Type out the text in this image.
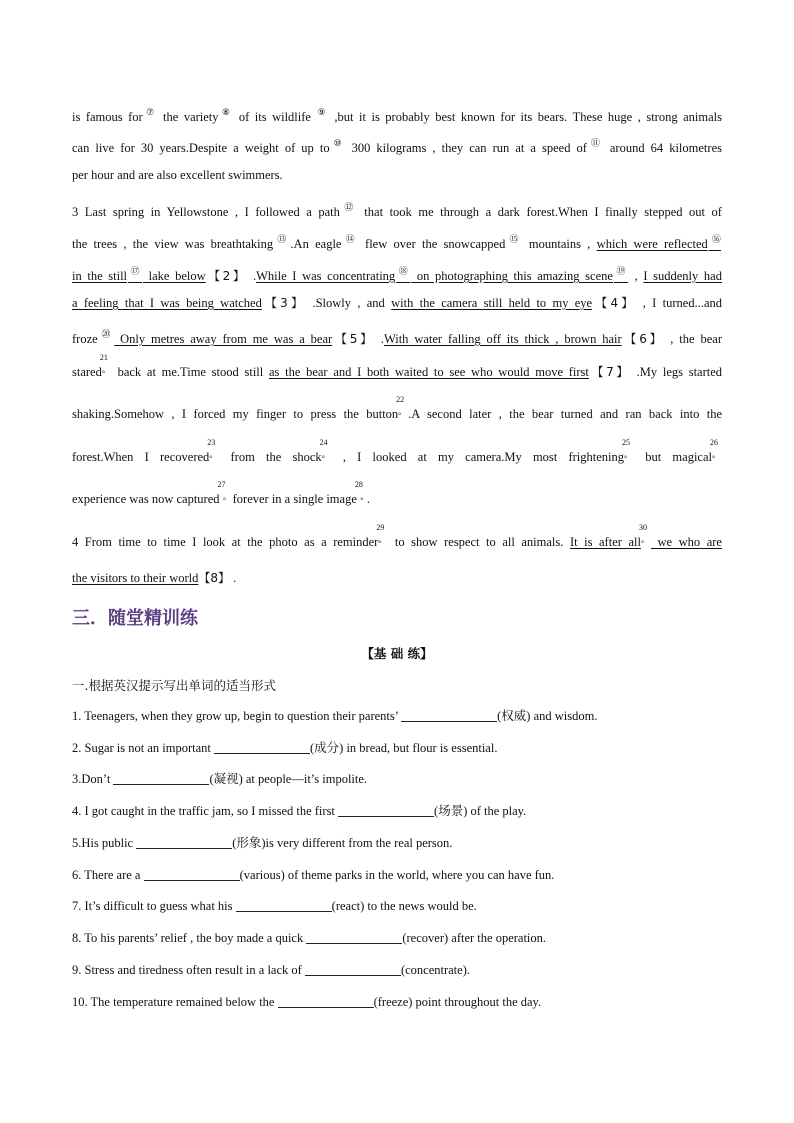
is famous for⑦ the variety⑧ of its wildlife ⑨ ,but it is probably best known for its bears. These huge , strong animals
can live for 30 years.Despite a weight of up to⑩ 300 kilograms , they can run at a speed of⑪ around 64 kilometres
per hour and are also excellent swimmers.
3 Last spring in Yellowstone , I followed a path⑫ that took me through a dark forest.When I finally stepped out of
the trees , the view was breathtaking⑬.An eagle⑭ flew over the snowcapped⑮ mountains , which were reflected⑯
in the still⑰ lake below【2】 .While I was concentrating⑱ on photographing this amazing scene⑲ , I suddenly had
a feeling that I was being watched【3】 .Slowly , and with the camera still held to my eye【4】 , I turned...and
froze⑳ Only metres away from me was a bear【5】 .With water falling off its thick , brown hair【6】 , the bear
stared
21
° back at me.Time stood still as the bear and I both waited to see who would move first【7】 .My legs started
shaking.Somehow , I forced my finger to press the button
22
° .A second later , the bear turned and ran back into the
forest.When I recovered
23
° from the shock
24
° , I looked at my camera.My most frightening
25
° but magical
26
°
experience was now captured
27
° forever in a single image
28
° .
4 From time to time I look at the photo as a reminder
29
° to show respect to all animals. It is after all
30
° we who are
the visitors to their world【8】 .
三．随堂精训练
【基 础 练】
一.根据英汉提示写出单词的适当形式
1. Teenagers, when they grow up, begin to question their parents’	(权威) and wisdom.
2. Sugar is not an important	(成分) in bread, but flour is essential.
3.Don’t	(凝视) at people—it’s impolite.
4. I got caught in the traffic jam, so I missed the first	(场景) of the play.
5.His public	(形象)is very different from the real person.
6. There are a	(various) of theme parks in the world, where you can have fun.
7. It’s difficult to guess what his	(react) to the news would be.
8. To his parents’ relief , the boy made a quick	(recover) after the operation.
9. Stress and tiredness often result in a lack of	(concentrate).
10. The temperature remained below the	(freeze) point throughout the day.
